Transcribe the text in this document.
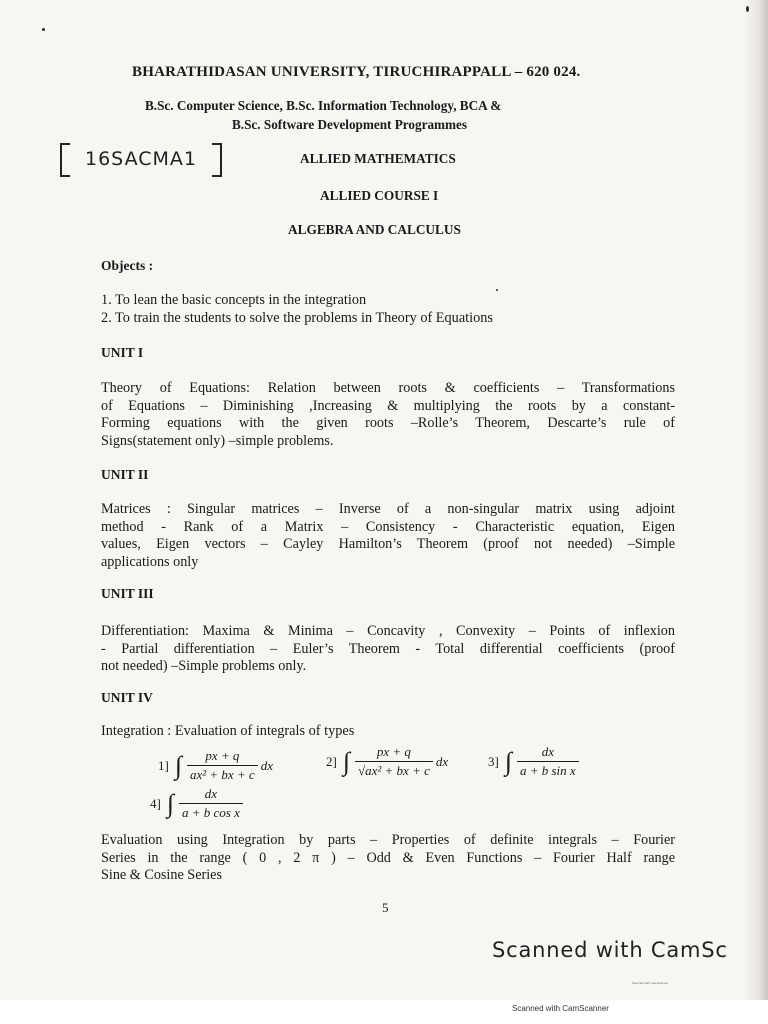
BHARATHIDASAN UNIVERSITY, TIRUCHIRAPPALL – 620 024.

B.Sc. Computer Science, B.Sc. Information Technology, BCA &

B.Sc. Software Development Programmes

16SACMA1	ALLIED MATHEMATICS

ALLIED COURSE I

ALGEBRA AND CALCULUS

Objects :

1. To lean the basic concepts in the integration

2. To train the students to solve the problems in Theory of Equations

UNIT I

Theory of Equations: Relation between roots & coefficients – Transformations
of Equations – Diminishing ,Increasing & multiplying the roots by a constant-
Forming equations with the given roots –Rolle’s Theorem, Descarte’s rule of
Signs(statement only) –simple problems.

UNIT II

Matrices : Singular matrices – Inverse of a non-singular matrix using adjoint
method - Rank of a Matrix – Consistency - Characteristic equation, Eigen
values, Eigen vectors – Cayley Hamilton’s Theorem (proof not needed) –Simple
applications only

UNIT III

Differentiation: Maxima & Minima – Concavity , Convexity – Points of inflexion
- Partial differentiation – Euler’s Theorem - Total differential coefficients (proof
not needed) –Simple problems only.

UNIT IV

Integration : Evaluation of integrals of types

1] ∫ $\frac{px + q}{\text{ax² + bx + c}}$ dx	2] ∫ $\frac{px + q}{\text{√ax² + bx + c}}$ dx	3] ∫ $\frac{dx}{\text{a + b sin x}}$
4] ∫ $\frac{dx}{\text{a + b cos x}}$
Evaluation using Integration by parts – Properties of definite integrals – Fourier
Series in the range ( 0 , 2 π ) – Odd & Even Functions – Fourier Half range
Sine & Cosine Series

5

Scanned with CamSc

Scanned with CamScanner

Scanned with CamScanner
